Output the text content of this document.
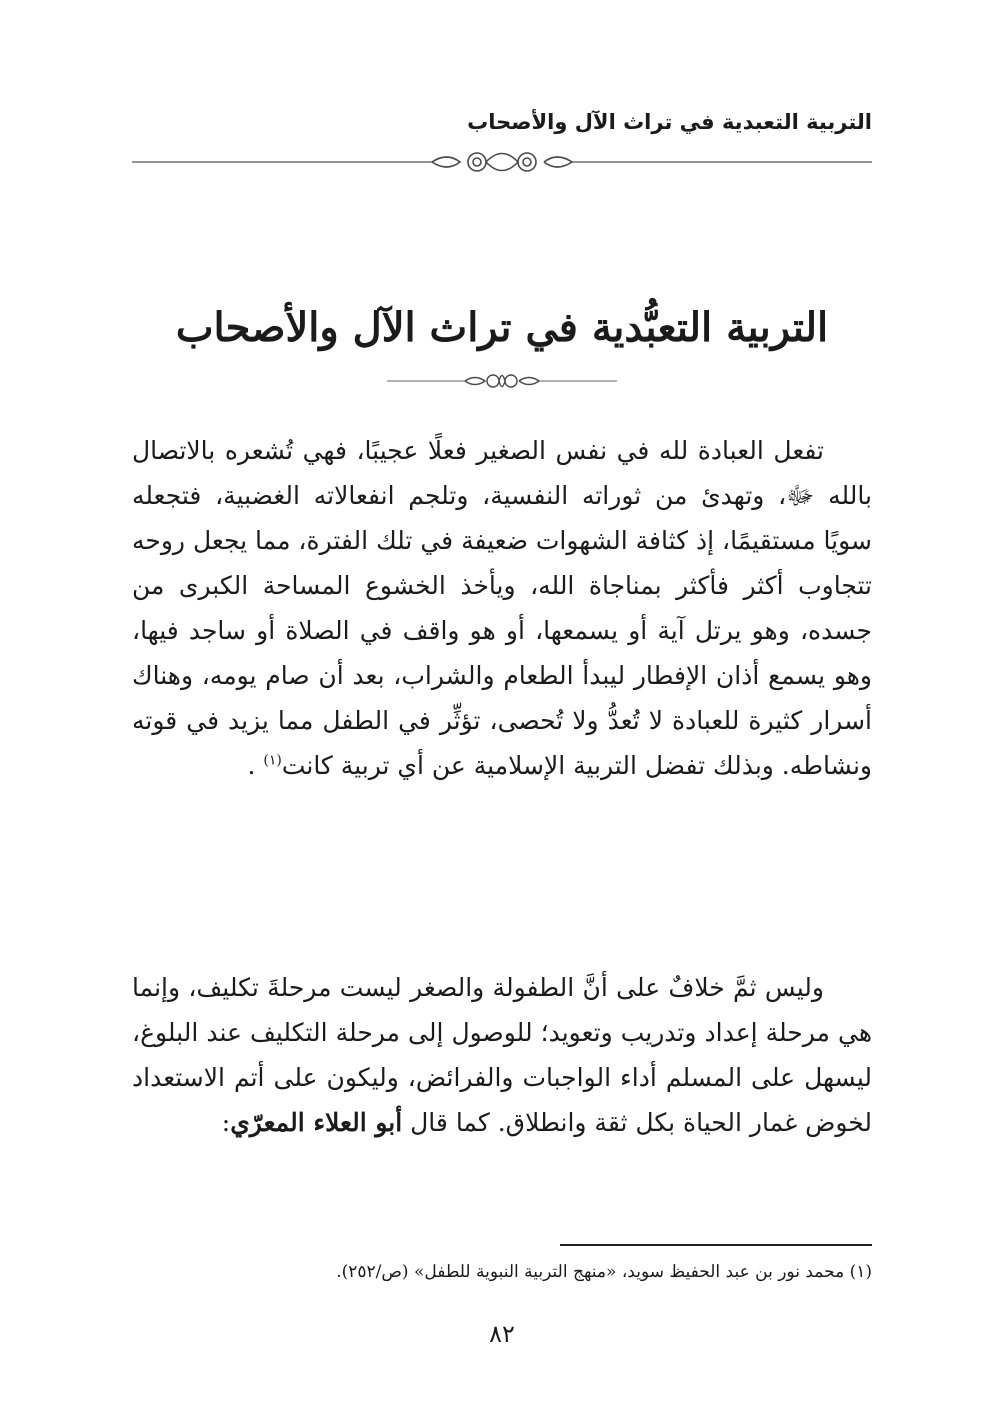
التربية التعبدية في تراث الآل والأصحاب
التربية التعبُّدية في تراث الآل والأصحاب

تفعل العبادة لله في نفس الصغير فعلًا عجيبًا، فهي تُشعره بالاتصال بالله ﷻ، وتهدئ من ثوراته النفسية، وتلجم انفعالاته الغضبية، فتجعله سويًا مستقيمًا، إذ كثافة الشهوات ضعيفة في تلك الفترة، مما يجعل روحه تتجاوب أكثر فأكثر بمناجاة الله، ويأخذ الخشوع المساحة الكبرى من جسده، وهو يرتل آية أو يسمعها، أو هو واقف في الصلاة أو ساجد فيها، وهو يسمع أذان الإفطار ليبدأ الطعام والشراب، بعد أن صام يومه، وهناك أسرار كثيرة للعبادة لا تُعدُّ ولا تُحصى، تؤثِّر في الطفل مما يزيد في قوته ونشاطه. وبذلك تفضل التربية الإسلامية عن أي تربية كانت$^{(١)}$ .

وليس ثمَّ خلافٌ على أنَّ الطفولة والصغر ليست مرحلةَ تكليف، وإنما هي مرحلة إعداد وتدريب وتعويد؛ للوصول إلى مرحلة التكليف عند البلوغ، ليسهل على المسلم أداء الواجبات والفرائض، وليكون على أتم الاستعداد لخوض غمار الحياة بكل ثقة وانطلاق. كما قال أبو العلاء المعرّي:

(١) محمد نور بن عبد الحفيظ سويد، «منهج التربية النبوية للطفل» (ص/٢٥٢).

٨٢
